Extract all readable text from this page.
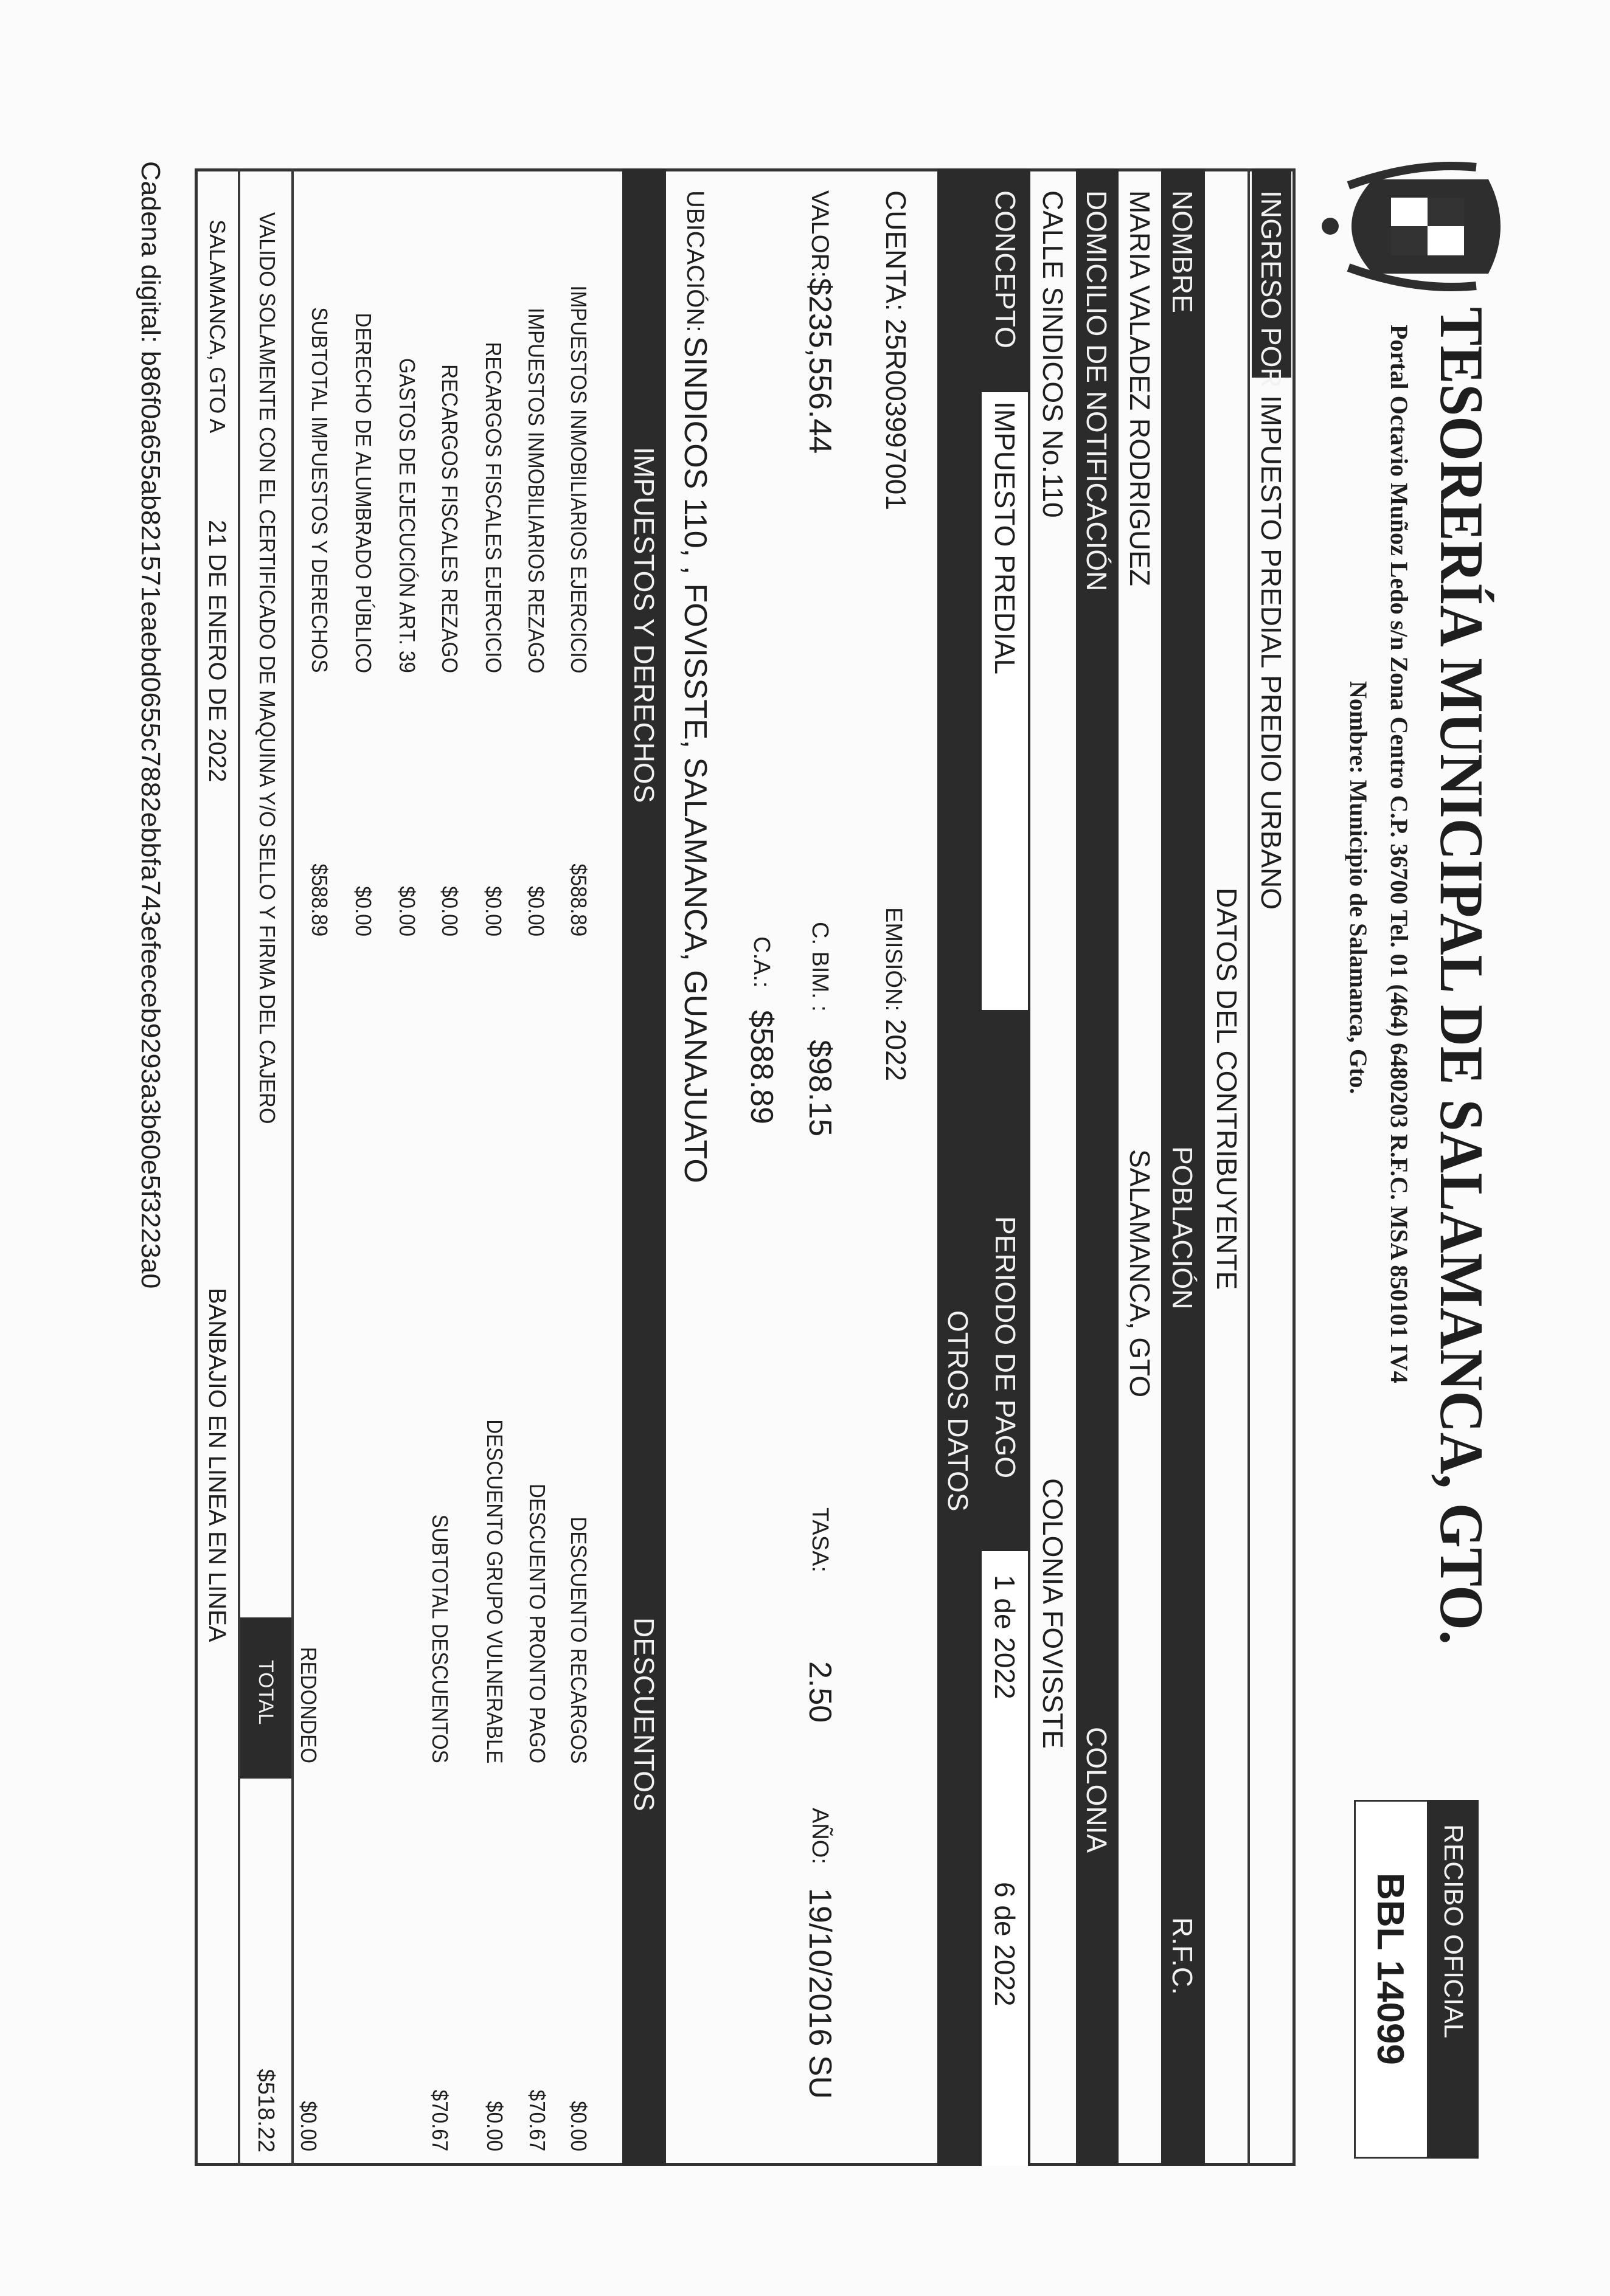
TESORERÍA MUNICIPAL DE SALAMANCA, GTO.
Portal Octavio Muñoz Ledo s/n Zona Centro C.P. 36700 Tel. 01 (464) 6480203 R.F.C. MSA 850101 IV4
Nombre: Municipio de Salamanca, Gto.
RECIBO OFICIAL
BBL 14099
INGRESO POR
IMPUESTO PREDIAL PREDIO URBANO
DATOS DEL CONTRIBUYENTE
NOMBRE
POBLACIÓN
R.F.C.
MARIA VALADEZ RODRIGUEZ
SALAMANCA, GTO
DOMICILIO DE NOTIFICACIÓN
COLONIA
CALLE SINDICOS No.110
COLONIA FOVISSTE
CONCEPTO
IMPUESTO PREDIAL
PERIODO DE PAGO
1 de 2022
6 de 2022
OTROS DATOS
CUENTA: 25R003997001
EMISIÓN: 2022
VALOR:
$235,556.44
C. BIM. :
$98.15
TASA:
2.50
AÑO:
19/10/2016 SU
C.A.:
$588.89
UBICACIÓN:
SINDICOS 110, , FOVISSTE, SALAMANCA, GUANAJUATO
IMPUESTOS Y DERECHOS
DESCUENTOS
IMPUESTOS INMOBILIARIOS EJERCICIO
$588.89
IMPUESTOS INMOBILIARIOS REZAGO
$0.00
RECARGOS FISCALES EJERCICIO
$0.00
RECARGOS FISCALES REZAGO
$0.00
GASTOS DE EJECUCIÓN ART. 39
$0.00
DERECHO DE ALUMBRADO PÚBLICO
$0.00
SUBTOTAL IMPUESTOS Y DERECHOS
$588.89
DESCUENTO RECARGOS
$0.00
DESCUENTO PRONTO PAGO
$70.67
DESCUENTO GRUPO VULNERABLE
$0.00
SUBTOTAL DESCUENTOS
$70.67
REDONDEO
$0.00
VALIDO SOLAMENTE CON EL CERTIFICADO DE MAQUINA Y/O SELLO Y FIRMA DEL CAJERO
TOTAL
$518.22
SALAMANCA, GTO A
21 DE ENERO DE 2022
BANBAJIO EN LINEA EN LINEA
Cadena digital: b86f0a655ab821571eaebd0655c7882ebbfa743efeeceb9293a3b60e5f3223a0
